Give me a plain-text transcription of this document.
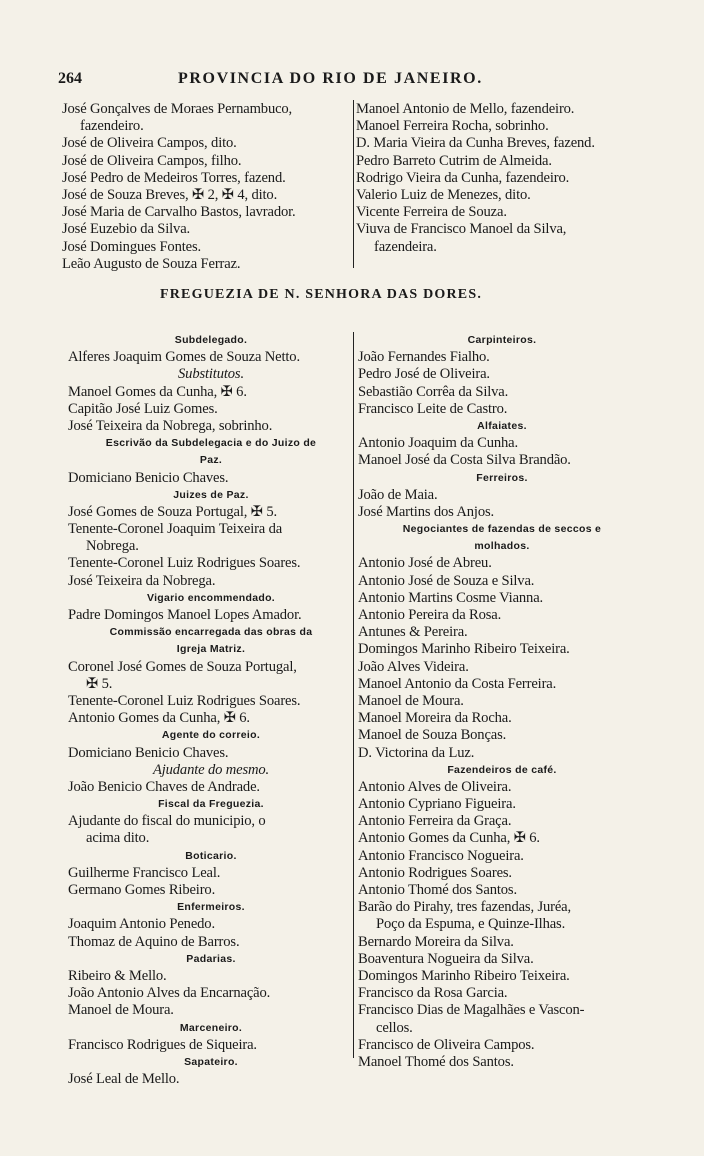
264	PROVINCIA DO RIO DE JANEIRO.
José Gonçalves de Moraes Pernambuco,
fazendeiro.
José de Oliveira Campos, dito.
José de Oliveira Campos, filho.
José Pedro de Medeiros Torres, fazend.
José de Souza Breves, ✠ 2, ✠ 4, dito.
José Maria de Carvalho Bastos, lavrador.
José Euzebio da Silva.
José Domingues Fontes.
Leão Augusto de Souza Ferraz.
Manoel Antonio de Mello, fazendeiro.
Manoel Ferreira Rocha, sobrinho.
D. Maria Vieira da Cunha Breves, fazend.
Pedro Barreto Cutrim de Almeida.
Rodrigo Vieira da Cunha, fazendeiro.
Valerio Luiz de Menezes, dito.
Vicente Ferreira de Souza.
Viuva de Francisco Manoel da Silva,
fazendeira.
FREGUEZIA DE N. SENHORA DAS DORES.
Subdelegado.
Alferes Joaquim Gomes de Souza Netto.
Substitutos.
Manoel Gomes da Cunha, ✠ 6.
Capitão José Luiz Gomes.
José Teixeira da Nobrega, sobrinho.
Escrivão da Subdelegacia e do Juizo de
Paz.
Domiciano Benicio Chaves.
Juizes de Paz.
José Gomes de Souza Portugal, ✠ 5.
Tenente-Coronel Joaquim Teixeira da
Nobrega.
Tenente-Coronel Luiz Rodrigues Soares.
José Teixeira da Nobrega.
Vigario encommendado.
Padre Domingos Manoel Lopes Amador.
Commissão encarregada das obras da
Igreja Matriz.
Coronel José Gomes de Souza Portugal,
✠ 5.
Tenente-Coronel Luiz Rodrigues Soares.
Antonio Gomes da Cunha, ✠ 6.
Agente do correio.
Domiciano Benicio Chaves.
Ajudante do mesmo.
João Benicio Chaves de Andrade.
Fiscal da Freguezia.
Ajudante do fiscal do municipio, o
acima dito.
Boticario.
Guilherme Francisco Leal.
Germano Gomes Ribeiro.
Enfermeiros.
Joaquim Antonio Penedo.
Thomaz de Aquino de Barros.
Padarias.
Ribeiro & Mello.
João Antonio Alves da Encarnação.
Manoel de Moura.
Marceneiro.
Francisco Rodrigues de Siqueira.
Sapateiro.
José Leal de Mello.
Carpinteiros.
João Fernandes Fialho.
Pedro José de Oliveira.
Sebastião Corrêa da Silva.
Francisco Leite de Castro.
Alfaiates.
Antonio Joaquim da Cunha.
Manoel José da Costa Silva Brandão.
Ferreiros.
João de Maia.
José Martins dos Anjos.
Negociantes de fazendas de seccos e
molhados.
Antonio José de Abreu.
Antonio José de Souza e Silva.
Antonio Martins Cosme Vianna.
Antonio Pereira da Rosa.
Antunes & Pereira.
Domingos Marinho Ribeiro Teixeira.
João Alves Videira.
Manoel Antonio da Costa Ferreira.
Manoel de Moura.
Manoel Moreira da Rocha.
Manoel de Souza Bonças.
D. Victorina da Luz.
Fazendeiros de café.
Antonio Alves de Oliveira.
Antonio Cypriano Figueira.
Antonio Ferreira da Graça.
Antonio Gomes da Cunha, ✠ 6.
Antonio Francisco Nogueira.
Antonio Rodrigues Soares.
Antonio Thomé dos Santos.
Barão do Pirahy, tres fazendas, Juréa,
Poço da Espuma, e Quinze-Ilhas.
Bernardo Moreira da Silva.
Boaventura Nogueira da Silva.
Domingos Marinho Ribeiro Teixeira.
Francisco da Rosa Garcia.
Francisco Dias de Magalhães e Vascon-
cellos.
Francisco de Oliveira Campos.
Manoel Thomé dos Santos.
